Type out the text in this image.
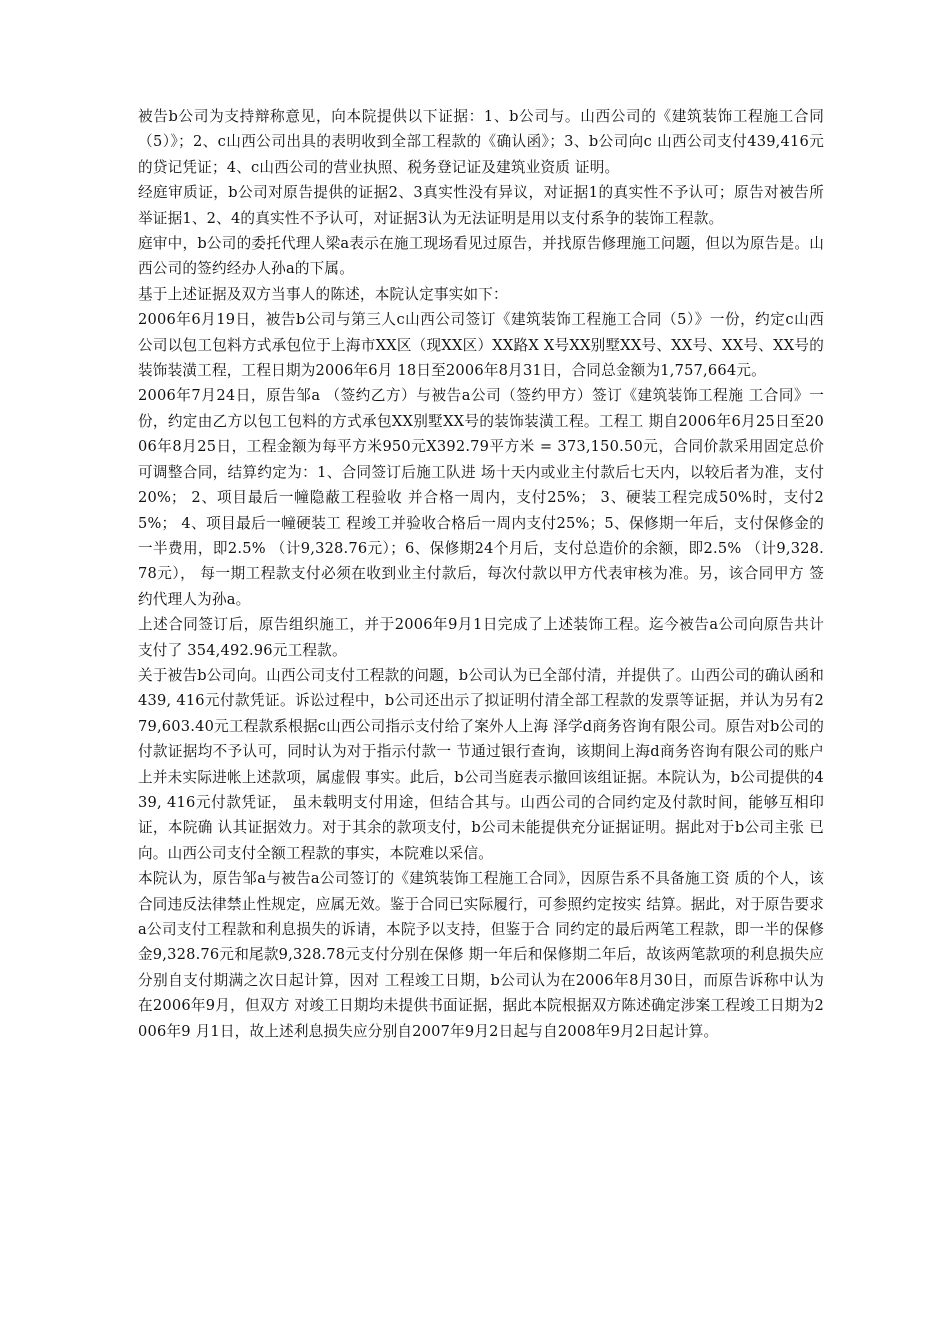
被告b公司为支持辩称意见，向本院提供以下证据：1、b公司与。山西公司的《建筑装饰工程施工合同（5）》；2、c山西公司出具的表明收到全部工程款的《确认函》；3、b公司向c 山西公司支付439,416元的贷记凭证；4、c山西公司的营业执照、税务登记证及建筑业资质 证明。

经庭审质证，b公司对原告提供的证据2、3真实性没有异议，对证据1的真实性不予认可；原告对被告所举证据1、2、4的真实性不予认可，对证据3认为无法证明是用以支付系争的装饰工程款。

庭审中，b公司的委托代理人梁a表示在施工现场看见过原告，并找原告修理施工问题，但以为原告是。山西公司的签约经办人孙a的下属。

基于上述证据及双方当事人的陈述，本院认定事实如下：

2006年6月19日，被告b公司与第三人c山西公司签订《建筑装饰工程施工合同（5）》一份，约定c山西公司以包工包料方式承包位于上海市XX区（现XX区）XX路X X号XX别墅XX号、XX号、XX号、XX号的装饰装潢工程，工程日期为2006年6月 18日至2006年8月31日，合同总金额为1,757,664元。

2006年7月24日，原告邹a （签约乙方）与被告a公司（签约甲方）签订《建筑装饰工程施 工合同》一份，约定由乙方以包工包料的方式承包XX别墅XX号的装饰装潢工程。工程工 期自2006年6月25日至2006年8月25日，工程金额为每平方米950元X392.79平方米 = 373,150.50元，合同价款采用固定总价可调整合同，结算约定为：1、合同签订后施工队进 场十天内或业主付款后七天内，以较后者为准，支付20%； 2、项目最后一幢隐蔽工程验收 并合格一周内，支付25%； 3、硬装工程完成50%时，支付25%； 4、项目最后一幢硬装工 程竣工并验收合格后一周内支付25%；5、保修期一年后，支付保修金的一半费用，即2.5% （计9,328.76元）；6、保修期24个月后，支付总造价的余额，即2.5% （计9,328.78元）， 每一期工程款支付必须在收到业主付款后，每次付款以甲方代表审核为准。另，该合同甲方 签约代理人为孙a。

上述合同签订后，原告组织施工，并于2006年9月1日完成了上述装饰工程。迄今被告a公司向原告共计支付了 354,492.96元工程款。

关于被告b公司向。山西公司支付工程款的问题，b公司认为已全部付清，并提供了。山西公司的确认函和439, 416元付款凭证。诉讼过程中，b公司还出示了拟证明付清全部工程款的发票等证据，并认为另有279,603.40元工程款系根据c山西公司指示支付给了案外人上海 泽学d商务咨询有限公司。原告对b公司的付款证据均不予认可，同时认为对于指示付款一 节通过银行查询，该期间上海d商务咨询有限公司的账户上并未实际进帐上述款项，属虚假 事实。此后，b公司当庭表示撤回该组证据。本院认为，b公司提供的439, 416元付款凭证， 虽未载明支付用途，但结合其与。山西公司的合同约定及付款时间，能够互相印证，本院确 认其证据效力。对于其余的款项支付，b公司未能提供充分证据证明。据此对于b公司主张 已向。山西公司支付全额工程款的事实，本院难以采信。

本院认为，原告邹a与被告a公司签订的《建筑装饰工程施工合同》，因原告系不具备施工资 质的个人，该合同违反法律禁止性规定，应属无效。鉴于合同已实际履行，可参照约定按实 结算。据此，对于原告要求a公司支付工程款和利息损失的诉请，本院予以支持，但鉴于合 同约定的最后两笔工程款，即一半的保修金9,328.76元和尾款9,328.78元支付分别在保修 期一年后和保修期二年后，故该两笔款项的利息损失应分别自支付期满之次日起计算，因对 工程竣工日期，b公司认为在2006年8月30日，而原告诉称中认为在2006年9月，但双方 对竣工日期均未提供书面证据，据此本院根据双方陈述确定涉案工程竣工日期为2006年9 月1日，故上述利息损失应分别自2007年9月2日起与自2008年9月2日起计算。
